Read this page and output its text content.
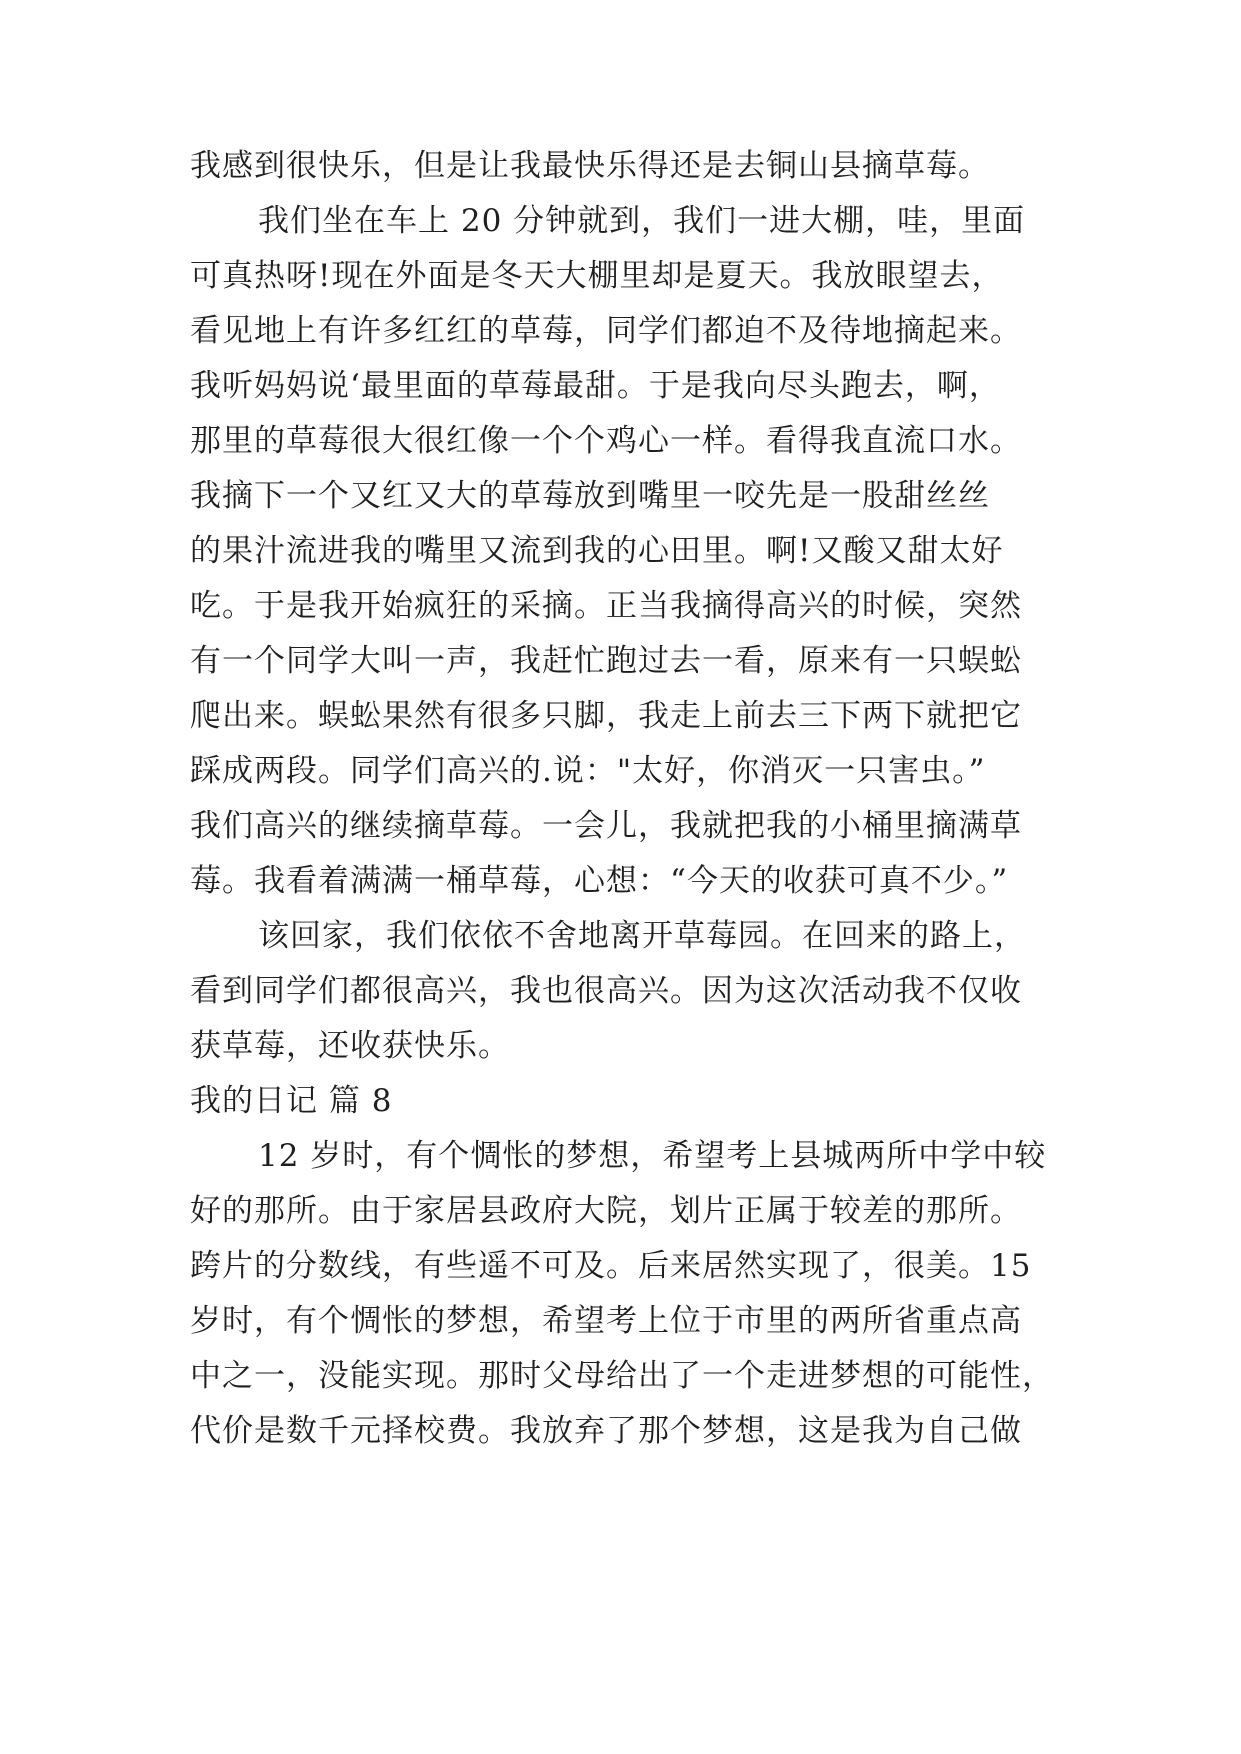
我感到很快乐，但是让我最快乐得还是去铜山县摘草莓。
我们坐在车上 20 分钟就到，我们一进大棚，哇，里面
可真热呀!现在外面是冬天大棚里却是夏天。我放眼望去，
看见地上有许多红红的草莓，同学们都迫不及待地摘起来。
我听妈妈说‘最里面的草莓最甜。于是我向尽头跑去，啊，
那里的草莓很大很红像一个个鸡心一样。看得我直流口水。
我摘下一个又红又大的草莓放到嘴里一咬先是一股甜丝丝
的果汁流进我的嘴里又流到我的心田里。啊!又酸又甜太好
吃。于是我开始疯狂的采摘。正当我摘得高兴的时候，突然
有一个同学大叫一声，我赶忙跑过去一看，原来有一只蜈蚣
爬出来。蜈蚣果然有很多只脚，我走上前去三下两下就把它
踩成两段。同学们高兴的.说："太好，你消灭一只害虫。”
我们高兴的继续摘草莓。一会儿，我就把我的小桶里摘满草
莓。我看着满满一桶草莓，心想：“今天的收获可真不少。”
该回家，我们依依不舍地离开草莓园。在回来的路上，
看到同学们都很高兴，我也很高兴。因为这次活动我不仅收
获草莓，还收获快乐。
我的日记 篇 8
12 岁时，有个惆怅的梦想，希望考上县城两所中学中较
好的那所。由于家居县政府大院，划片正属于较差的那所。
跨片的分数线，有些遥不可及。后来居然实现了，很美。15
岁时，有个惆怅的梦想，希望考上位于市里的两所省重点高
中之一，没能实现。那时父母给出了一个走进梦想的可能性，
代价是数千元择校费。我放弃了那个梦想，这是我为自己做
